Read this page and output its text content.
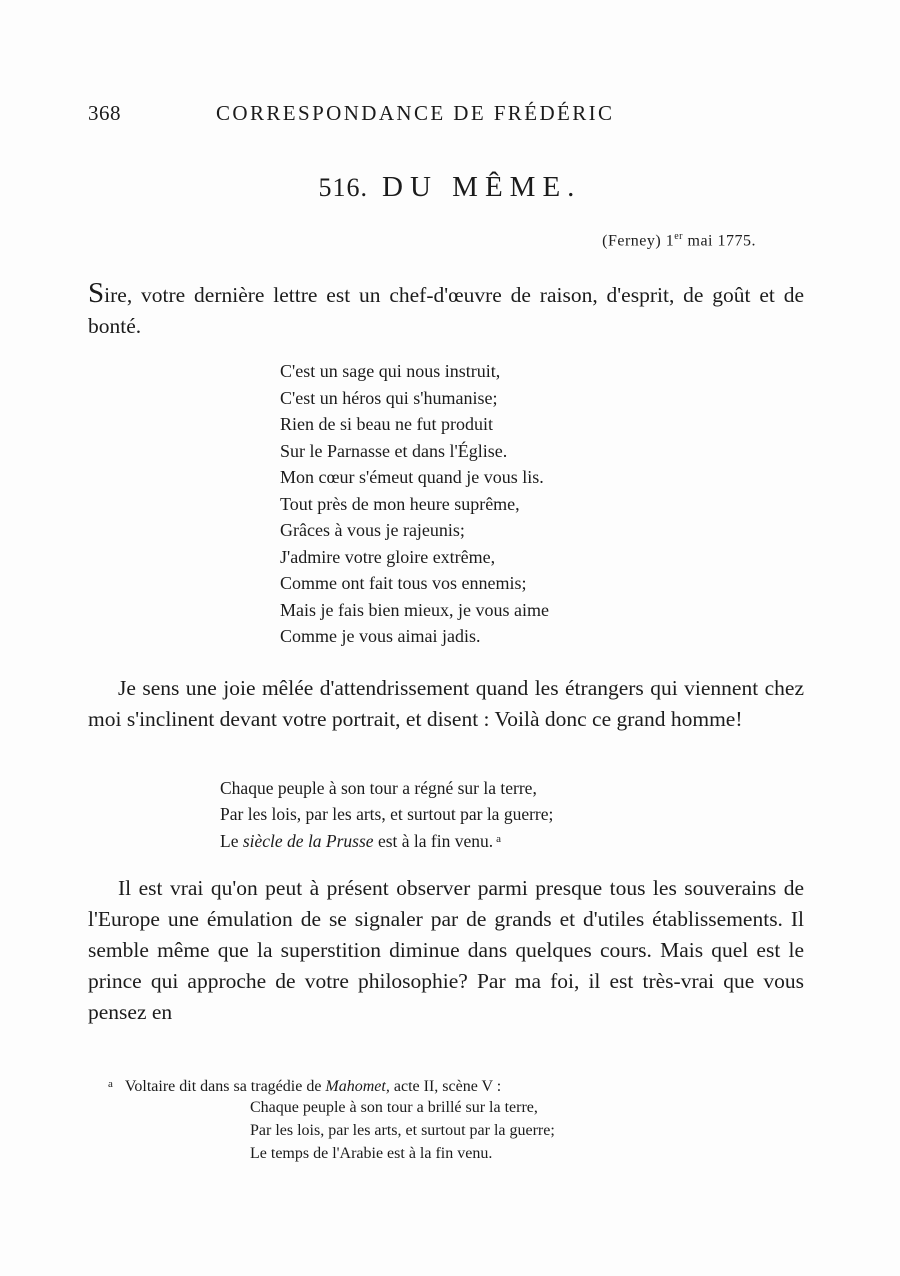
368	CORRESPONDANCE DE FRÉDÉRIC
516. DU MÊME.
(Ferney) 1er mai 1775.
Sire, votre dernière lettre est un chef-d'œuvre de raison, d'esprit, de goût et de bonté.
C'est un sage qui nous instruit,
C'est un héros qui s'humanise;
Rien de si beau ne fut produit
Sur le Parnasse et dans l'Église.
Mon cœur s'émeut quand je vous lis.
Tout près de mon heure suprême,
Grâces à vous je rajeunis;
J'admire votre gloire extrême,
Comme ont fait tous vos ennemis;
Mais je fais bien mieux, je vous aime
Comme je vous aimai jadis.
Je sens une joie mêlée d'attendrissement quand les étrangers qui viennent chez moi s'inclinent devant votre portrait, et disent : Voilà donc ce grand homme!
Chaque peuple à son tour a régné sur la terre,
Par les lois, par les arts, et surtout par la guerre;
Le siècle de la Prusse est à la fin venu. $^a$
Il est vrai qu'on peut à présent observer parmi presque tous les souverains de l'Europe une émulation de se signaler par de grands et d'utiles établissements. Il semble même que la superstition diminue dans quelques cours. Mais quel est le prince qui approche de votre philosophie? Par ma foi, il est très-vrai que vous pensez en
$^a$ Voltaire dit dans sa tragédie de Mahomet, acte II, scène V :
Chaque peuple à son tour a brillé sur la terre,
Par les lois, par les arts, et surtout par la guerre;
Le temps de l'Arabie est à la fin venu.
